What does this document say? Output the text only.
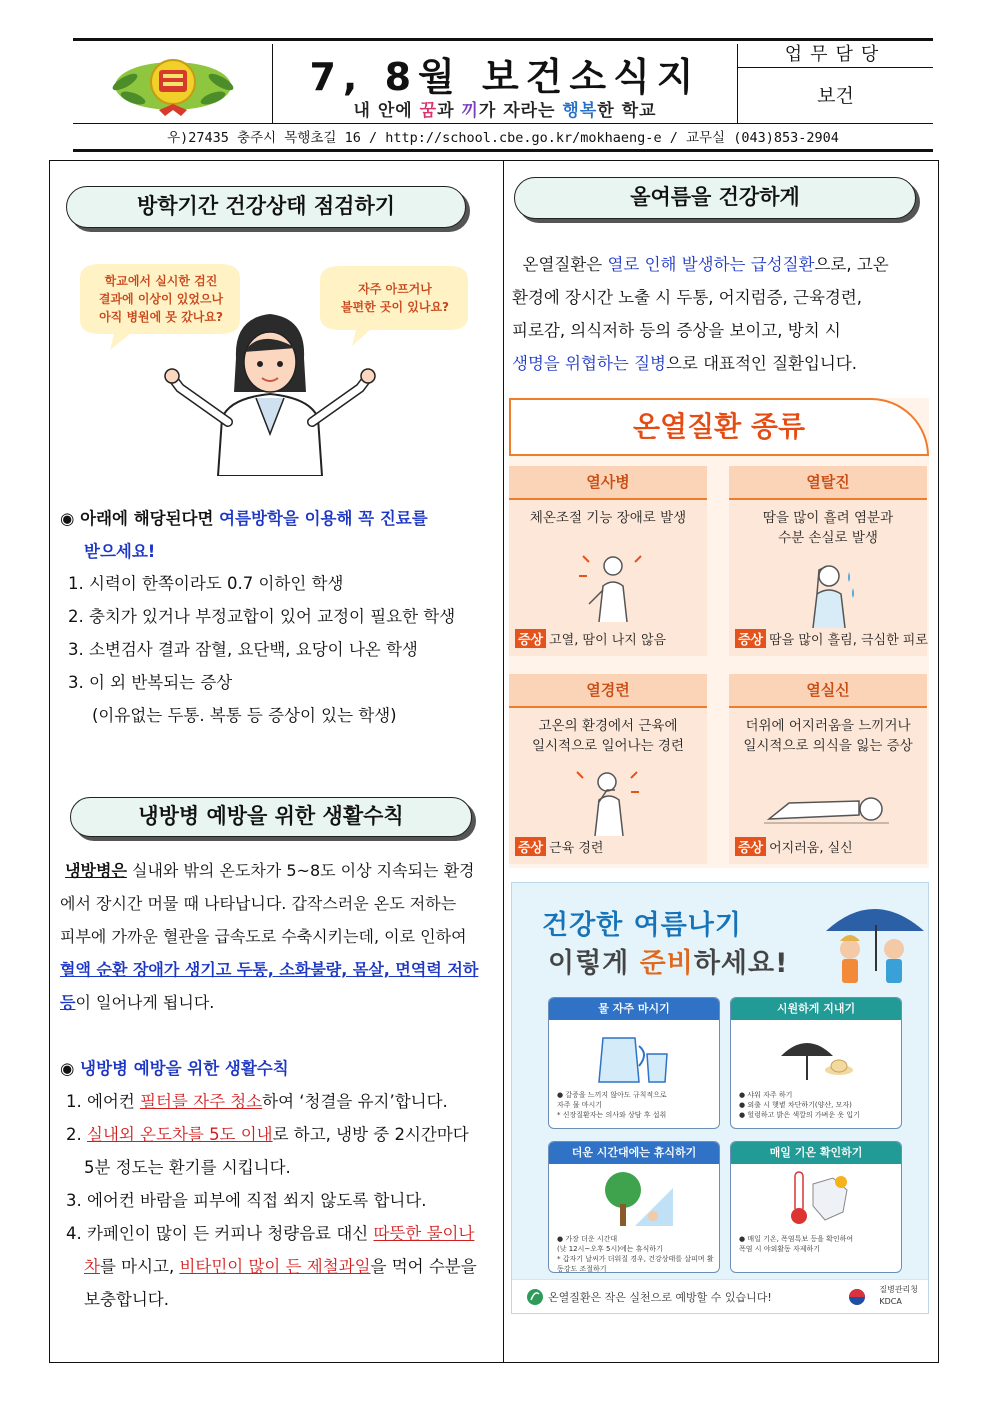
7, 8월 보건소식지
내 안에 꿈과 끼가 자라는 행복한 학교
업무담당
보건
우)27435 충주시 목행초길 16 / http://school.cbe.go.kr/mokhaeng-e / 교무실 (043)853-2904
방학기간 건강상태 점검하기
학교에서 실시한 검진
결과에 이상이 있었으나
아직 병원에 못 갔나요?
자주 아프거나
불편한 곳이 있나요?
◉ 아래에 해당된다면 여름방학을 이용해 꼭 진료를
받으세요!
1. 시력이 한쪽이라도 0.7 이하인 학생
2. 충치가 있거나 부정교합이 있어 교정이 필요한 학생
3. 소변검사 결과 잠혈, 요단백, 요당이 나온 학생
3. 이 외 반복되는 증상
(이유없는 두통. 복통 등 증상이 있는 학생)
냉방병 예방을 위한 생활수칙
냉방병은 실내와 밖의 온도차가 5~8도 이상 지속되는 환경
에서 장시간 머물 때 나타납니다. 갑작스러운 온도 저하는
피부에 가까운 혈관을 급속도로 수축시키는데, 이로 인하여
혈액 순환 장애가 생기고 두통, 소화불량, 몸살, 면역력 저하
등이 일어나게 됩니다.
◉ 냉방병 예방을 위한 생활수칙
1. 에어컨 필터를 자주 청소하여 ‘청결을 유지’합니다.
2. 실내외 온도차를 5도 이내로 하고, 냉방 중 2시간마다
5분 정도는 환기를 시킵니다.
3. 에어컨 바람을 피부에 직접 쐬지 않도록 합니다.
4. 카페인이 많이 든 커피나 청량음료 대신 따뜻한 물이나
차를 마시고, 비타민이 많이 든 제철과일을 먹어 수분을
보충합니다.
올여름을 건강하게
온열질환은 열로 인해 발생하는 급성질환으로, 고온
환경에 장시간 노출 시 두통, 어지럼증, 근육경련,
피로감, 의식저하 등의 증상을 보이고, 방치 시
생명을 위협하는 질병으로 대표적인 질환입니다.
온열질환 종류
열사병
체온조절 기능 장애로 발생
증상 고열, 땀이 나지 않음
열탈진
땀을 많이 흘려 염분과
수분 손실로 발생
증상 땀을 많이 흘림, 극심한 피로
열경련
고온의 환경에서 근육에
일시적으로 일어나는 경련
증상 근육 경련
열실신
더위에 어지러움을 느끼거나
일시적으로 의식을 잃는 증상
증상 어지러움, 실신
건강한 여름나기
이렇게 준비하세요!
물 자주 마시기
● 갈증을 느끼지 않아도 규칙적으로
자주 물 마시기
* 신장질환자는 의사와 상담 후 섭취
시원하게 지내기
● 샤워 자주 하기
● 외출 시 햇볕 차단하기(양산, 모자)
● 헐렁하고 밝은 색깔의 가벼운 옷 입기
더운 시간대에는 휴식하기
● 가장 더운 시간대
(낮 12시~오후 5시)에는 휴식하기
* 갑자기 날씨가 더워질 경우, 건강상태를 살피며 활동강도 조절하기
매일 기온 확인하기
● 매일 기온, 폭염특보 등을 확인하여
폭염 시 야외활동 자제하기
온열질환은 작은 실천으로 예방할 수 있습니다!
질병관리청
KDCA
